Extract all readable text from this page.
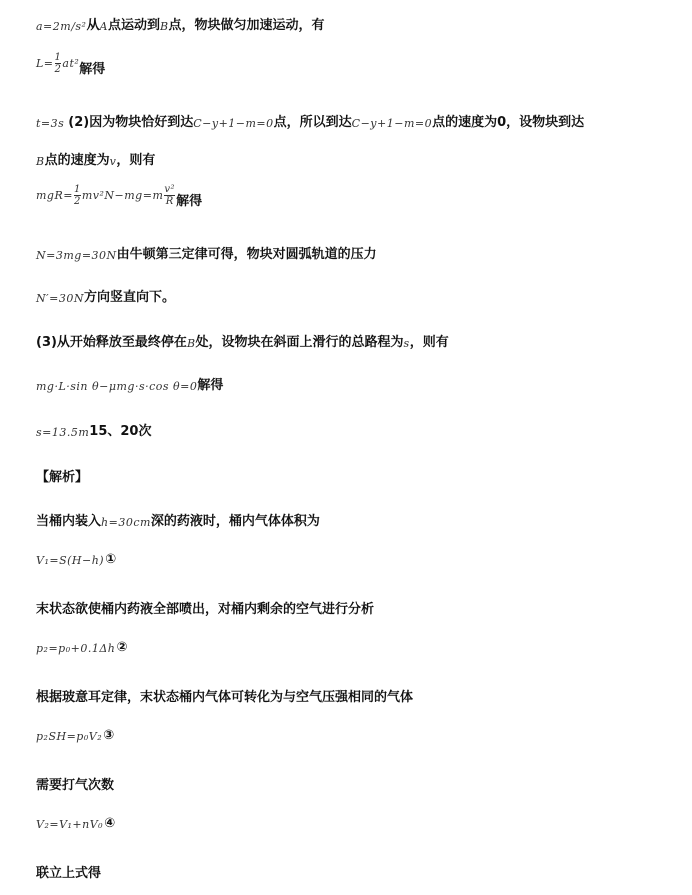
a=2m/s² 从 A 点运动到 B 点，物块做匀加速运动，有
$L= \frac{1}{2} at^2$ 解得
t=3s (2)因为物块恰好到达 C−y+1−m=0 点，所以到达 C−y+1−m=0 点的速度为0，设物块到达
B 点的速度为 v ，则有
$mgR= \frac{1}{2} mv^2N-mg=m \frac{\text{v²}}{R}$ 解得
N=3mg=30N 由牛顿第三定律可得，物块对圆弧轨道的压力
N′=30N 方向竖直向下。
(3)从开始释放至最终停在 B 处，设物块在斜面上滑行的总路程为 s ，则有
mg·L·sin θ−μmg·s·cos θ=0 解得
s=13.5m 15、20次
【解析】
当桶内装入 h=30cm 深的药液时，桶内气体体积为
V₁=S(H−h) ①
末状态欲使桶内药液全部喷出，对桶内剩余的空气进行分析
p₂=p₀+0.1Δh ②
根据玻意耳定律，末状态桶内气体可转化为与空气压强相同的气体
p₂SH=p₀V₂ ③
需要打气次数
V₂=V₁+nV₀ ④
联立上式得
